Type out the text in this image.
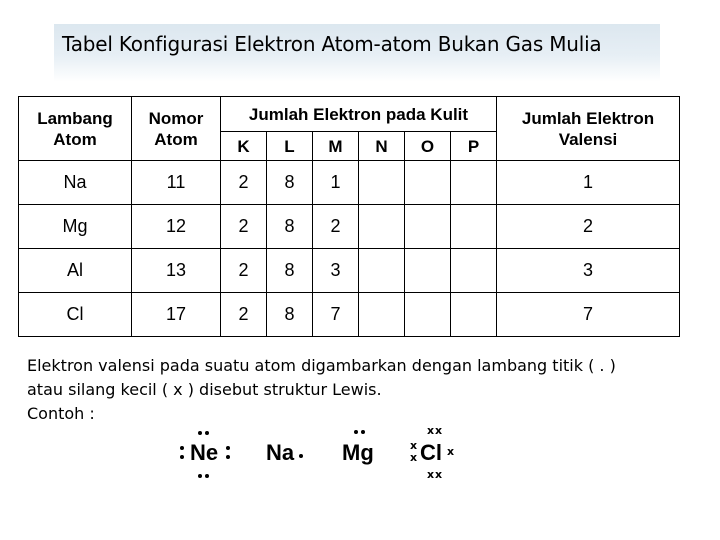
Tabel Konfigurasi Elektron Atom-atom Bukan Gas Mulia
Lambang Atom	Nomor Atom	Jumlah Elektron pada Kulit						Jumlah Elektron Valensi
		K	L	M	N	O	P	
Na	11	2	8	1				1
Mg	12	2	8	2				2
Al	13	2	8	3				3
Cl	17	2	8	7				7
Elektron valensi pada suatu atom digambarkan dengan lambang titik ( . )
atau silang kecil ( x ) disebut struktur Lewis.
Contoh :
Ne Na Mg Cl
x x
x x
x
x	x
